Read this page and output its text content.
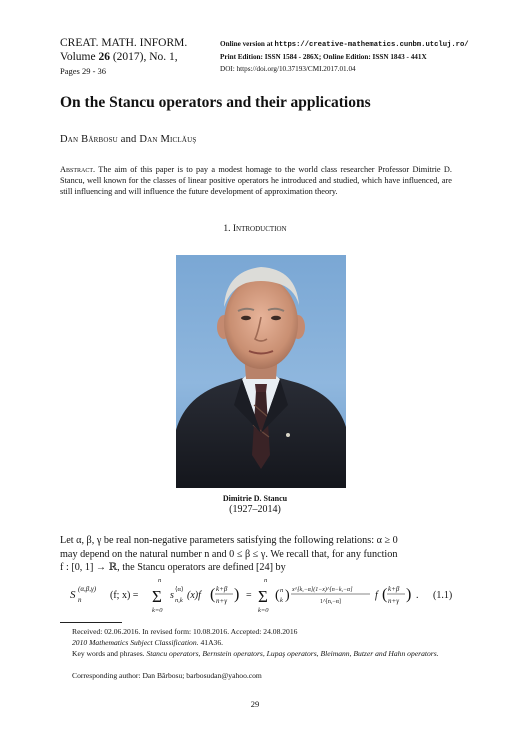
CREAT. MATH. INFORM.
Volume 26 (2017), No. 1,
Pages 29 - 36
Online version at https://creative-mathematics.cunbm.utcluj.ro/
Print Edition: ISSN 1584 - 286X; Online Edition: ISSN 1843 - 441X
DOI: https://doi.org/10.37193/CMI.2017.01.04
On the Stancu operators and their applications
Dan Bărbosu and Dan Miclăuş
Abstract. The aim of this paper is to pay a modest homage to the world class researcher Professor Dimitrie D. Stancu, well known for the classes of linear positive operators he introduced and studied, which have influenced, are still influencing and will influence the future development of approximation theory.
1. Introduction
Dimitrie D. Stancu
(1927–2014)
Let α, β, γ be real non-negative parameters satisfying the following relations: α ≥ 0
may depend on the natural number n and 0 ≤ β ≤ γ. We recall that, for any function
f : [0, 1] → ℝ, the Stancu operators are defined [24] by
S n
(α,β,γ)
(f; x) =
n
Σ
k=0
s
⟨α⟩
n,k (x)f ( k+β
n+γ ) =
n
Σ
k=0
( n
k ) x^[k,−α](1−x)^[n−k,−α]
1^[n,−α]
f ( k+β
n+γ ) . (1.1)
Received: 02.06.2016. In revised form: 10.08.2016. Accepted: 24.08.2016
2010 Mathematics Subject Classification. 41A36.
Key words and phrases. Stancu operators, Bernstein operators, Lupaş operators, Bleimann, Butzer and Hahn operators.
Corresponding author: Dan Bărbosu; barbosudan@yahoo.com
29
